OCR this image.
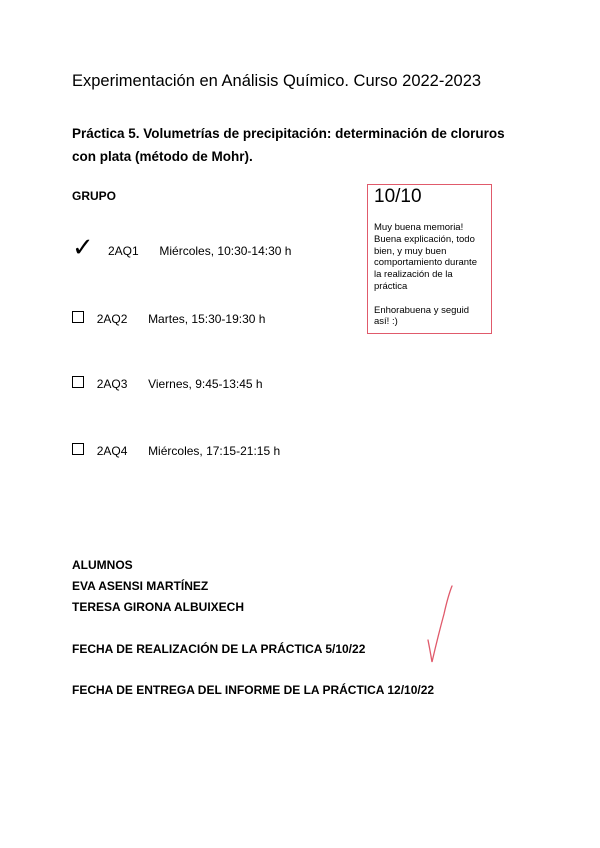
Experimentación en Análisis Químico. Curso 2022-2023
Práctica 5. Volumetrías de precipitación: determinación de cloruros
con plata (método de Mohr).
GRUPO
✓ 2AQ1 Miércoles, 10:30-14:30 h
2AQ2 Martes, 15:30-19:30 h
2AQ3 Viernes, 9:45-13:45 h
2AQ4 Miércoles, 17:15-21:15 h
10/10
Muy buena memoria!
Buena explicación, todo bien, y muy buen comportamiento durante la realización de la práctica

Enhorabuena y seguid así! :)
ALUMNOS
EVA ASENSI MARTÍNEZ
TERESA GIRONA ALBUIXECH
FECHA DE REALIZACIÓN DE LA PRÁCTICA 5/10/22
FECHA DE ENTREGA DEL INFORME DE LA PRÁCTICA 12/10/22
